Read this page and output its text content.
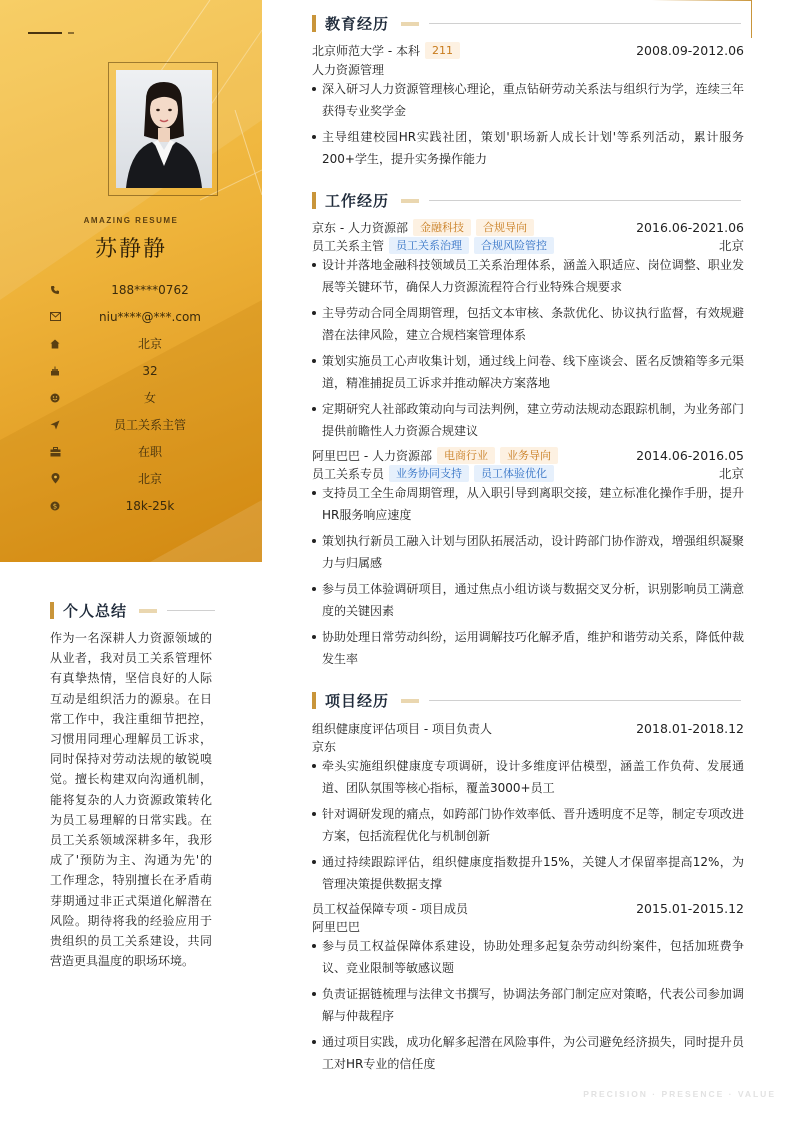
AMAZING RESUME
苏静静
188****0762
niu****@***.com
北京
32
女
员工关系主管
在职
北京
$	18k-25k
个人总结
作为一名深耕人力资源领域的从业者，我对员工关系管理怀有真挚热情，坚信良好的人际互动是组织活力的源泉。在日常工作中，我注重细节把控，习惯用同理心理解员工诉求，同时保持对劳动法规的敏锐嗅觉。擅长构建双向沟通机制，能将复杂的人力资源政策转化为员工易理解的日常实践。在员工关系领域深耕多年，我形成了'预防为主、沟通为先'的工作理念，特别擅长在矛盾萌芽期通过非正式渠道化解潜在风险。期待将我的经验应用于贵组织的员工关系建设，共同营造更具温度的职场环境。
教育经历
北京师范大学 - 本科	211	2008.09-2012.06
人力资源管理
深入研习人力资源管理核心理论，重点钻研劳动关系法与组织行为学，连续三年获得专业奖学金
主导组建校园HR实践社团，策划'职场新人成长计划'等系列活动，累计服务200+学生，提升实务操作能力
工作经历
京东 - 人力资源部	金融科技	合规导向	2016.06-2021.06
员工关系主管	员工关系治理	合规风险管控	北京
设计并落地金融科技领域员工关系治理体系，涵盖入职适应、岗位调整、职业发展等关键环节，确保人力资源流程符合行业特殊合规要求
主导劳动合同全周期管理，包括文本审核、条款优化、协议执行监督，有效规避潜在法律风险，建立合规档案管理体系
策划实施员工心声收集计划，通过线上问卷、线下座谈会、匿名反馈箱等多元渠道，精准捕捉员工诉求并推动解决方案落地
定期研究人社部政策动向与司法判例，建立劳动法规动态跟踪机制，为业务部门提供前瞻性人力资源合规建议
阿里巴巴 - 人力资源部	电商行业	业务导向	2014.06-2016.05
员工关系专员	业务协同支持	员工体验优化	北京
支持员工全生命周期管理，从入职引导到离职交接，建立标准化操作手册，提升HR服务响应速度
策划执行新员工融入计划与团队拓展活动，设计跨部门协作游戏，增强组织凝聚力与归属感
参与员工体验调研项目，通过焦点小组访谈与数据交叉分析，识别影响员工满意度的关键因素
协助处理日常劳动纠纷，运用调解技巧化解矛盾，维护和谐劳动关系，降低仲裁发生率
项目经历
组织健康度评估项目 - 项目负责人	2018.01-2018.12
京东
牵头实施组织健康度专项调研，设计多维度评估模型，涵盖工作负荷、发展通道、团队氛围等核心指标，覆盖3000+员工
针对调研发现的痛点，如跨部门协作效率低、晋升透明度不足等，制定专项改进方案，包括流程优化与机制创新
通过持续跟踪评估，组织健康度指数提升15%，关键人才保留率提高12%，为管理决策提供数据支撑
员工权益保障专项 - 项目成员	2015.01-2015.12
阿里巴巴
参与员工权益保障体系建设，协助处理多起复杂劳动纠纷案件，包括加班费争议、竞业限制等敏感议题
负责证据链梳理与法律文书撰写，协调法务部门制定应对策略，代表公司参加调解与仲裁程序
通过项目实践，成功化解多起潜在风险事件，为公司避免经济损失，同时提升员工对HR专业的信任度
PRECISION · PRESENCE · VALUE
